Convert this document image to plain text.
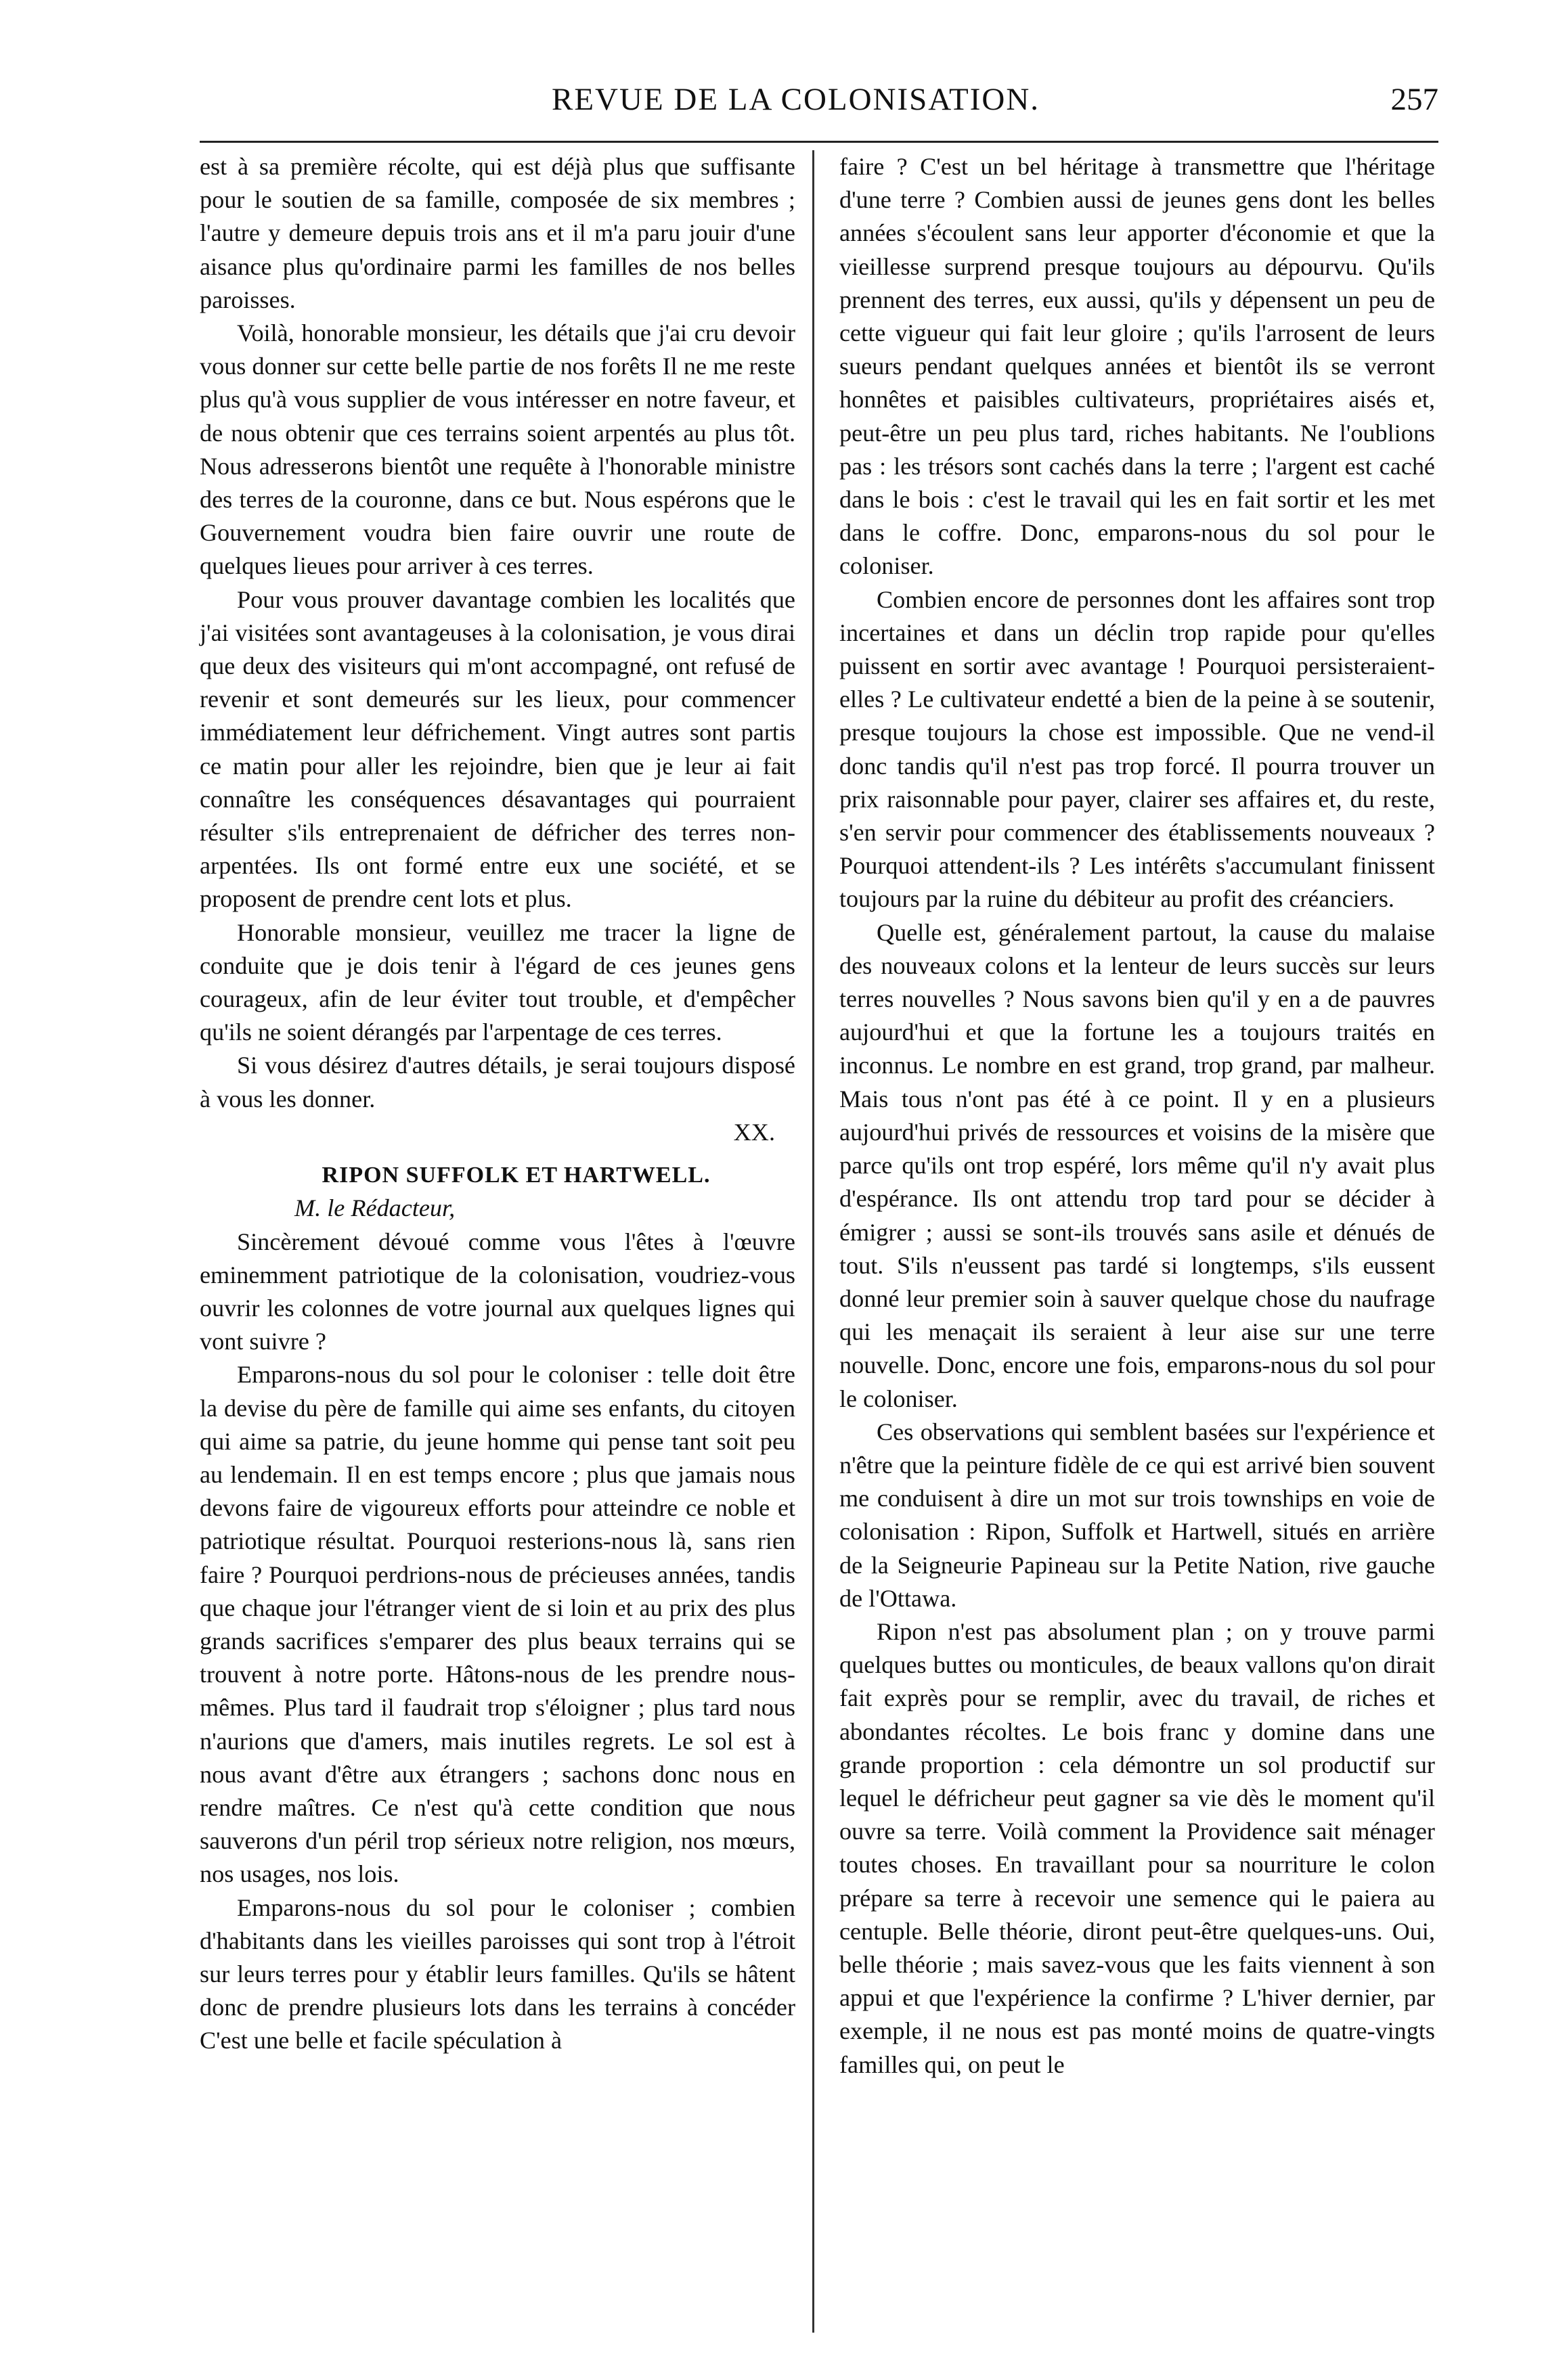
REVUE DE LA COLONISATION.	257

est à sa première récolte, qui est déjà plus que suffisante pour le soutien de sa famille, composée de six membres ; l'autre y demeure depuis trois ans et il m'a paru jouir d'une aisance plus qu'ordinaire parmi les familles de nos belles paroisses.

Voilà, honorable monsieur, les détails que j'ai cru devoir vous donner sur cette belle partie de nos forêts Il ne me reste plus qu'à vous supplier de vous intéresser en notre faveur, et de nous obtenir que ces terrains soient arpentés au plus tôt. Nous adresserons bientôt une requête à l'honorable ministre des terres de la couronne, dans ce but. Nous espérons que le Gouvernement voudra bien faire ouvrir une route de quelques lieues pour arriver à ces terres.

Pour vous prouver davantage combien les localités que j'ai visitées sont avantageuses à la colonisation, je vous dirai que deux des visiteurs qui m'ont accompagné, ont refusé de revenir et sont demeurés sur les lieux, pour commencer immédiatement leur défrichement. Vingt autres sont partis ce matin pour aller les rejoindre, bien que je leur ai fait connaître les conséquences désavantages qui pourraient résulter s'ils entreprenaient de défricher des terres non-arpentées. Ils ont formé entre eux une société, et se proposent de prendre cent lots et plus.

Honorable monsieur, veuillez me tracer la ligne de conduite que je dois tenir à l'égard de ces jeunes gens courageux, afin de leur éviter tout trouble, et d'empêcher qu'ils ne soient dérangés par l'arpentage de ces terres.

Si vous désirez d'autres détails, je serai toujours disposé à vous les donner.

XX.

RIPON SUFFOLK ET HARTWELL.

M. le Rédacteur,

Sincèrement dévoué comme vous l'êtes à l'œuvre eminemment patriotique de la colonisation, voudriez-vous ouvrir les colonnes de votre journal aux quelques lignes qui vont suivre ?

Emparons-nous du sol pour le coloniser : telle doit être la devise du père de famille qui aime ses enfants, du citoyen qui aime sa patrie, du jeune homme qui pense tant soit peu au lendemain. Il en est temps encore ; plus que jamais nous devons faire de vigoureux efforts pour atteindre ce noble et patriotique résultat. Pourquoi resterions-nous là, sans rien faire ? Pourquoi perdrions-nous de précieuses années, tandis que chaque jour l'étranger vient de si loin et au prix des plus grands sacrifices s'emparer des plus beaux terrains qui se trouvent à notre porte. Hâtons-nous de les prendre nous-mêmes. Plus tard il faudrait trop s'éloigner ; plus tard nous n'aurions que d'amers, mais inutiles regrets. Le sol est à nous avant d'être aux étrangers ; sachons donc nous en rendre maîtres. Ce n'est qu'à cette condition que nous sauverons d'un péril trop sérieux notre religion, nos mœurs, nos usages, nos lois.

Emparons-nous du sol pour le coloniser ; combien d'habitants dans les vieilles paroisses qui sont trop à l'étroit sur leurs terres pour y établir leurs familles. Qu'ils se hâtent donc de prendre plusieurs lots dans les terrains à concéder C'est une belle et facile spéculation à

faire ? C'est un bel héritage à transmettre que l'héritage d'une terre ? Combien aussi de jeunes gens dont les belles années s'écoulent sans leur apporter d'économie et que la vieillesse surprend presque toujours au dépourvu. Qu'ils prennent des terres, eux aussi, qu'ils y dépensent un peu de cette vigueur qui fait leur gloire ; qu'ils l'arrosent de leurs sueurs pendant quelques années et bientôt ils se verront honnêtes et paisibles cultivateurs, propriétaires aisés et, peut-être un peu plus tard, riches habitants. Ne l'oublions pas : les trésors sont cachés dans la terre ; l'argent est caché dans le bois : c'est le travail qui les en fait sortir et les met dans le coffre. Donc, emparons-nous du sol pour le coloniser.

Combien encore de personnes dont les affaires sont trop incertaines et dans un déclin trop rapide pour qu'elles puissent en sortir avec avantage ! Pourquoi persisteraient-elles ? Le cultivateur endetté a bien de la peine à se soutenir, presque toujours la chose est impossible. Que ne vend-il donc tandis qu'il n'est pas trop forcé. Il pourra trouver un prix raisonnable pour payer, clairer ses affaires et, du reste, s'en servir pour commencer des établissements nouveaux ? Pourquoi attendent-ils ? Les intérêts s'accumulant finissent toujours par la ruine du débiteur au profit des créanciers.

Quelle est, généralement partout, la cause du malaise des nouveaux colons et la lenteur de leurs succès sur leurs terres nouvelles ? Nous savons bien qu'il y en a de pauvres aujourd'hui et que la fortune les a toujours traités en inconnus. Le nombre en est grand, trop grand, par malheur. Mais tous n'ont pas été à ce point. Il y en a plusieurs aujourd'hui privés de ressources et voisins de la misère que parce qu'ils ont trop espéré, lors même qu'il n'y avait plus d'espérance. Ils ont attendu trop tard pour se décider à émigrer ; aussi se sont-ils trouvés sans asile et dénués de tout. S'ils n'eussent pas tardé si longtemps, s'ils eussent donné leur premier soin à sauver quelque chose du naufrage qui les menaçait ils seraient à leur aise sur une terre nouvelle. Donc, encore une fois, emparons-nous du sol pour le coloniser.

Ces observations qui semblent basées sur l'expérience et n'être que la peinture fidèle de ce qui est arrivé bien souvent me conduisent à dire un mot sur trois townships en voie de colonisation : Ripon, Suffolk et Hartwell, situés en arrière de la Seigneurie Papineau sur la Petite Nation, rive gauche de l'Ottawa.

Ripon n'est pas absolument plan ; on y trouve parmi quelques buttes ou monticules, de beaux vallons qu'on dirait fait exprès pour se remplir, avec du travail, de riches et abondantes récoltes. Le bois franc y domine dans une grande proportion : cela démontre un sol productif sur lequel le défricheur peut gagner sa vie dès le moment qu'il ouvre sa terre. Voilà comment la Providence sait ménager toutes choses. En travaillant pour sa nourriture le colon prépare sa terre à recevoir une semence qui le paiera au centuple. Belle théorie, diront peut-être quelques-uns. Oui, belle théorie ; mais savez-vous que les faits viennent à son appui et que l'expérience la confirme ? L'hiver dernier, par exemple, il ne nous est pas monté moins de quatre-vingts familles qui, on peut le
